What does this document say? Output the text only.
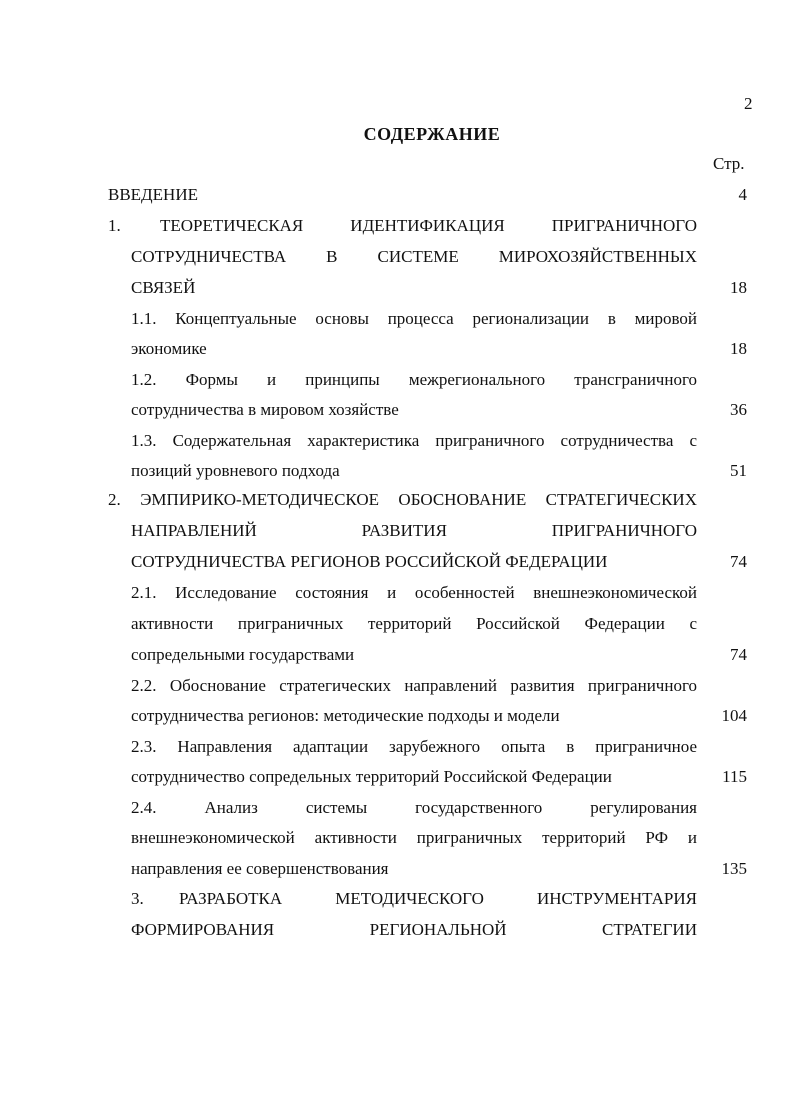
2
СОДЕРЖАНИЕ
Стр.
ВВЕДЕНИЕ	4
1. ТЕОРЕТИЧЕСКАЯ ИДЕНТИФИКАЦИЯ ПРИГРАНИЧНОГО
СОТРУДНИЧЕСТВА В СИСТЕМЕ МИРОХОЗЯЙСТВЕННЫХ
СВЯЗЕЙ	18
1.1. Концептуальные основы процесса регионализации в мировой
экономике	18
1.2. Формы и принципы межрегионального трансграничного
сотрудничества в мировом хозяйстве	36
1.3. Содержательная характеристика приграничного сотрудничества с
позиций уровневого подхода	51
2. ЭМПИРИКО-МЕТОДИЧЕСКОЕ ОБОСНОВАНИЕ СТРАТЕГИЧЕСКИХ
НАПРАВЛЕНИЙ РАЗВИТИЯ ПРИГРАНИЧНОГО
СОТРУДНИЧЕСТВА РЕГИОНОВ РОССИЙСКОЙ ФЕДЕРАЦИИ	74
2.1. Исследование состояния и особенностей внешнеэкономической
активности приграничных территорий Российской Федерации с
сопредельными государствами	74
2.2. Обоснование стратегических направлений развития приграничного
сотрудничества регионов: методические подходы и модели	104
2.3. Направления адаптации зарубежного опыта в приграничное
сотрудничество сопредельных территорий Российской Федерации	115
2.4. Анализ системы государственного регулирования
внешнеэкономической активности приграничных территорий РФ и
направления ее совершенствования	135
3. РАЗРАБОТКА МЕТОДИЧЕСКОГО ИНСТРУМЕНТАРИЯ
ФОРМИРОВАНИЯ РЕГИОНАЛЬНОЙ СТРАТЕГИИ
